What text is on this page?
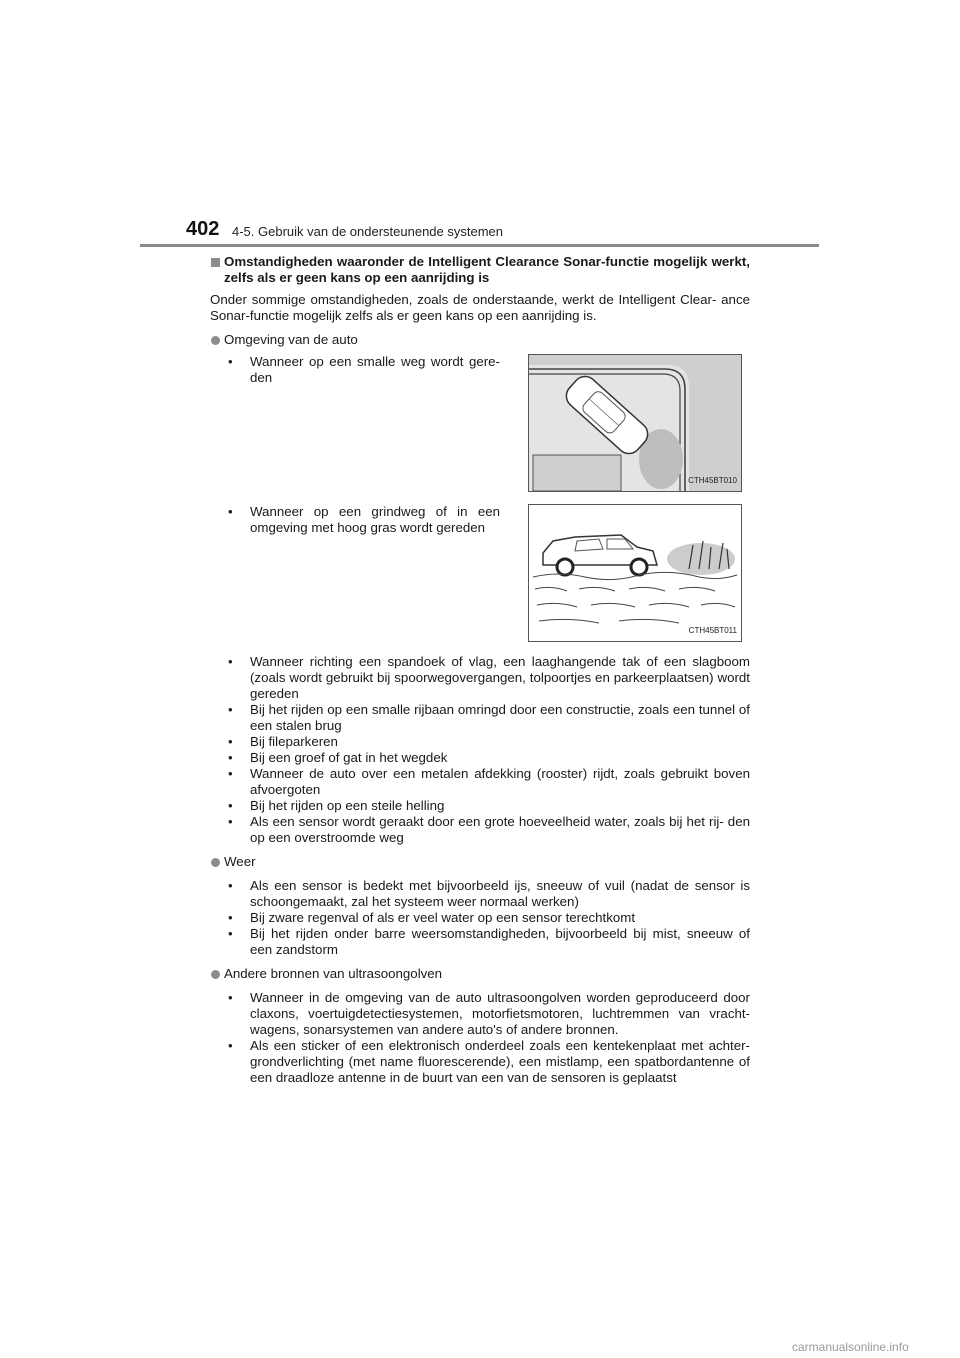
402 4-5. Gebruik van de ondersteunende systemen
Omstandigheden waaronder de Intelligent Clearance Sonar-functie mogelijk werkt, zelfs als er geen kans op een aanrijding is
Onder sommige omstandigheden, zoals de onderstaande, werkt de Intelligent Clear- ance Sonar-functie mogelijk zelfs als er geen kans op een aanrijding is.
Omgeving van de auto
• Wanneer op een smalle weg wordt gere- den
CTH45BT010
• Wanneer op een grindweg of in een omgeving met hoog gras wordt gereden
CTH45BT011
• Wanneer richting een spandoek of vlag, een laaghangende tak of een slagboom (zoals wordt gebruikt bij spoorwegovergangen, tolpoortjes en parkeerplaatsen) wordt gereden
• Bij het rijden op een smalle rijbaan omringd door een constructie, zoals een tunnel of een stalen brug
• Bij fileparkeren
• Bij een groef of gat in het wegdek
• Wanneer de auto over een metalen afdekking (rooster) rijdt, zoals gebruikt boven afvoergoten
• Bij het rijden op een steile helling
• Als een sensor wordt geraakt door een grote hoeveelheid water, zoals bij het rij- den op een overstroomde weg
Weer
• Als een sensor is bedekt met bijvoorbeeld ijs, sneeuw of vuil (nadat de sensor is schoongemaakt, zal het systeem weer normaal werken)
• Bij zware regenval of als er veel water op een sensor terechtkomt
• Bij het rijden onder barre weersomstandigheden, bijvoorbeeld bij mist, sneeuw of een zandstorm
Andere bronnen van ultrasoongolven
• Wanneer in de omgeving van de auto ultrasoongolven worden geproduceerd door claxons, voertuigdetectiesystemen, motorfietsmotoren, luchtremmen van vracht- wagens, sonarsystemen van andere auto's of andere bronnen.
• Als een sticker of een elektronisch onderdeel zoals een kentekenplaat met achter- grondverlichting (met name fluorescerende), een mistlamp, een spatbordantenne of een draadloze antenne in de buurt van een van de sensoren is geplaatst
carmanualsonline.info
